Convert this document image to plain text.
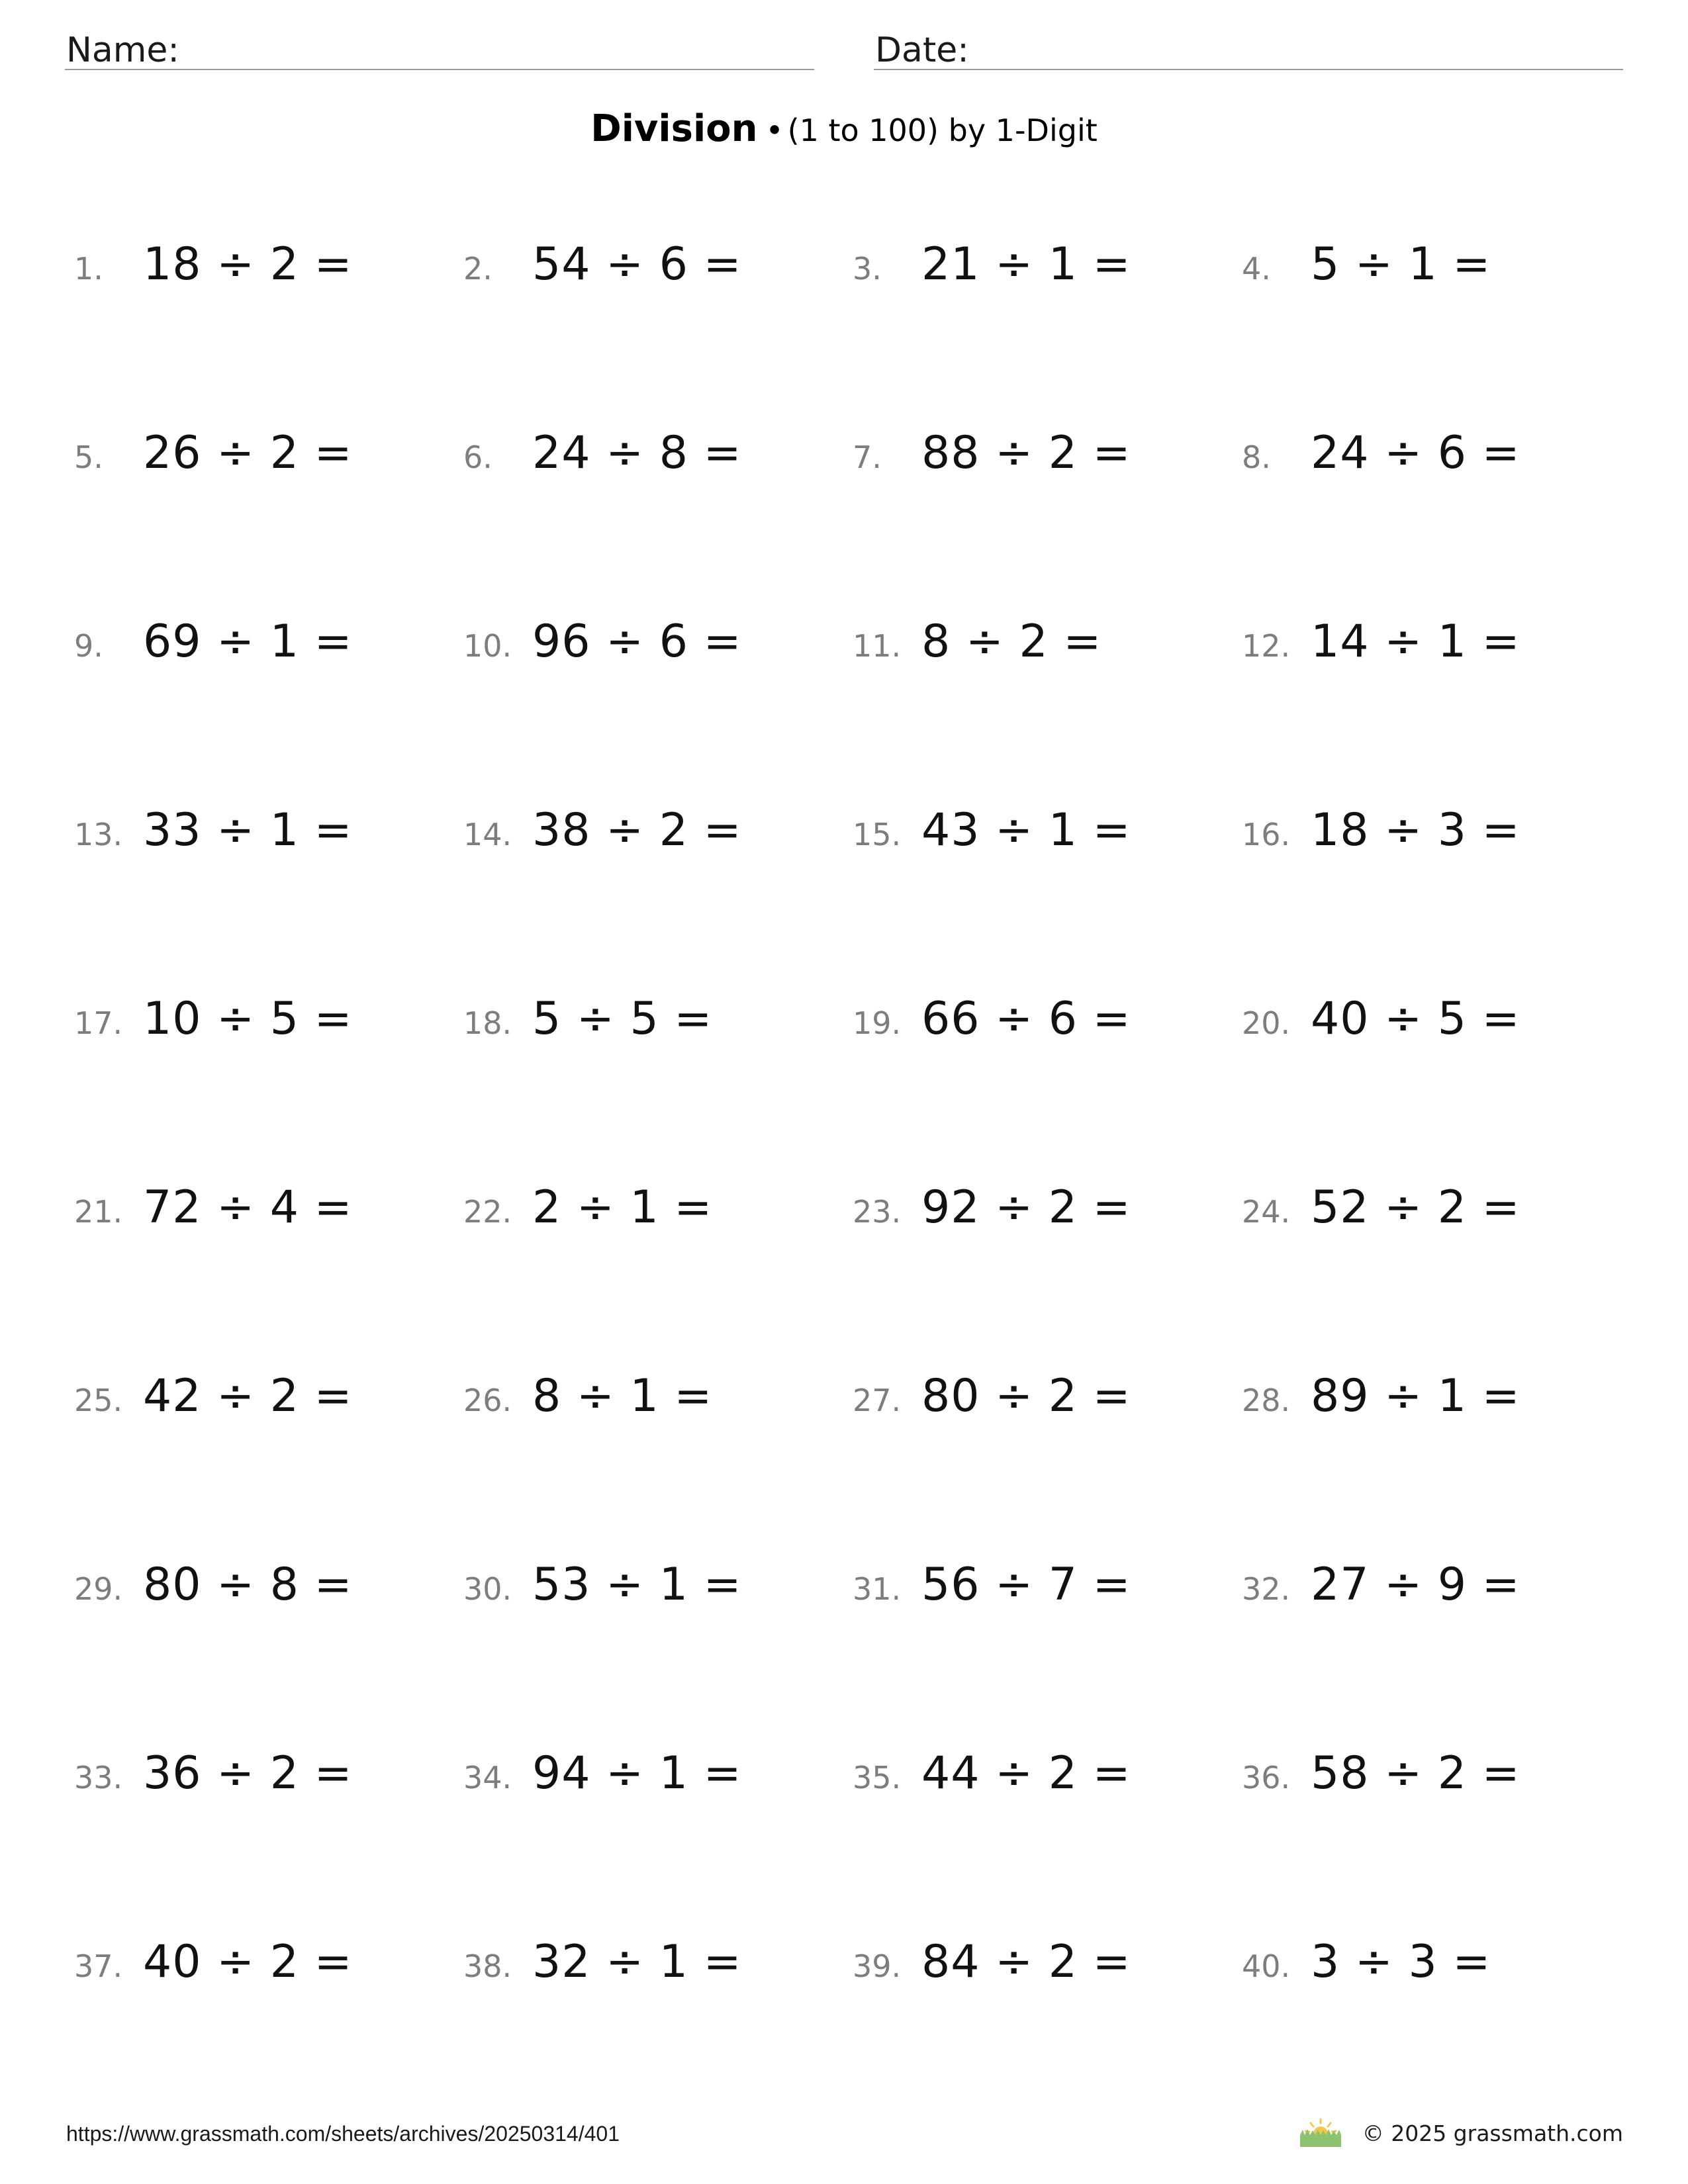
Name:	Date:
Division • (1 to 100) by 1-Digit
1. 18 ÷ 2 =	2. 54 ÷ 6 =	3. 21 ÷ 1 =	4. 5 ÷ 1 =
5. 26 ÷ 2 =	6. 24 ÷ 8 =	7. 88 ÷ 2 =	8. 24 ÷ 6 =
9. 69 ÷ 1 =	10. 96 ÷ 6 =	11. 8 ÷ 2 =	12. 14 ÷ 1 =
13. 33 ÷ 1 =	14. 38 ÷ 2 =	15. 43 ÷ 1 =	16. 18 ÷ 3 =
17. 10 ÷ 5 =	18. 5 ÷ 5 =	19. 66 ÷ 6 =	20. 40 ÷ 5 =
21. 72 ÷ 4 =	22. 2 ÷ 1 =	23. 92 ÷ 2 =	24. 52 ÷ 2 =
25. 42 ÷ 2 =	26. 8 ÷ 1 =	27. 80 ÷ 2 =	28. 89 ÷ 1 =
29. 80 ÷ 8 =	30. 53 ÷ 1 =	31. 56 ÷ 7 =	32. 27 ÷ 9 =
33. 36 ÷ 2 =	34. 94 ÷ 1 =	35. 44 ÷ 2 =	36. 58 ÷ 2 =
37. 40 ÷ 2 =	38. 32 ÷ 1 =	39. 84 ÷ 2 =	40. 3 ÷ 3 =
https://www.grassmath.com/sheets/archives/20250314/401	© 2025 grassmath.com
